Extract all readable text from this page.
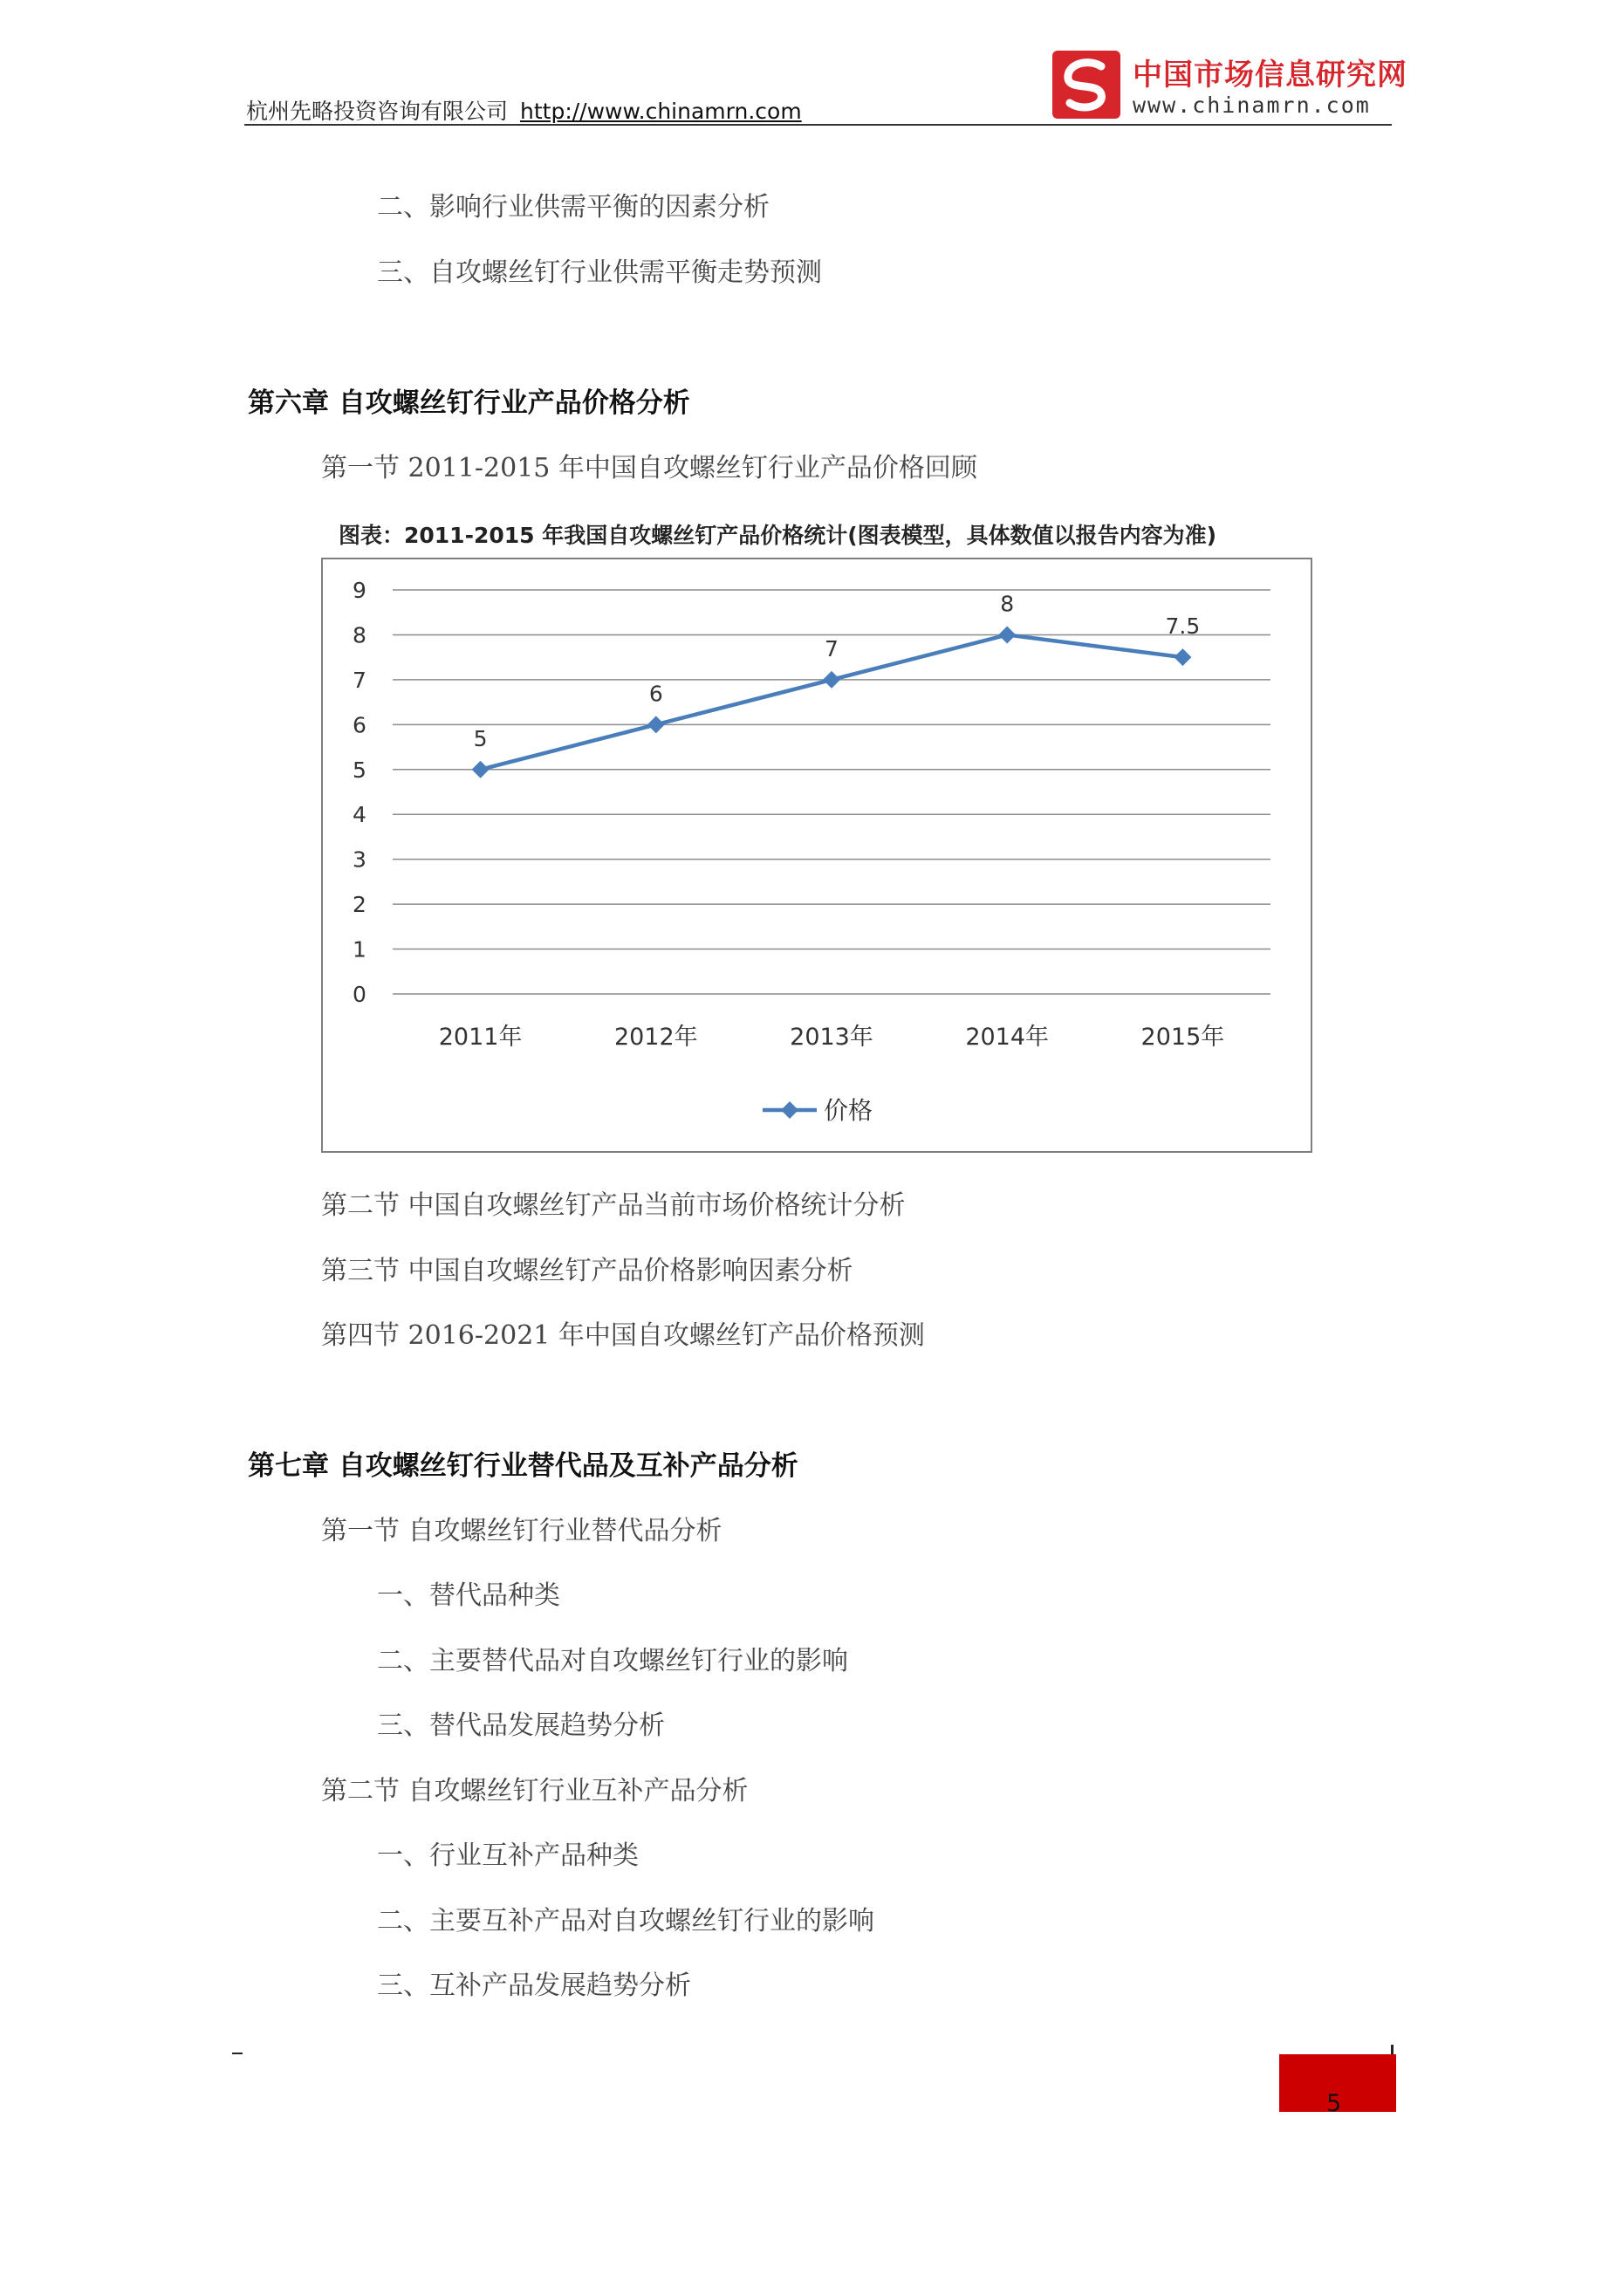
杭州先略投资咨询有限公司 http://www.chinamrn.com
中国市场信息研究网
www.chinamrn.com
二、影响行业供需平衡的因素分析
三、自攻螺丝钉行业供需平衡走势预测
第六章 自攻螺丝钉行业产品价格分析
第一节 2011-2015 年中国自攻螺丝钉行业产品价格回顾
图表：2011-2015 年我国自攻螺丝钉产品价格统计(图表模型，具体数值以报告内容为准)
0
1
2
3
4
5
6
7
8
9
2011年	2012年	2013年	2014年	2015年
5
6
7
8
7.5
价格
第二节 中国自攻螺丝钉产品当前市场价格统计分析
第三节 中国自攻螺丝钉产品价格影响因素分析
第四节 2016-2021 年中国自攻螺丝钉产品价格预测
第七章 自攻螺丝钉行业替代品及互补产品分析
第一节 自攻螺丝钉行业替代品分析
一、替代品种类
二、主要替代品对自攻螺丝钉行业的影响
三、替代品发展趋势分析
第二节 自攻螺丝钉行业互补产品分析
一、行业互补产品种类
二、主要互补产品对自攻螺丝钉行业的影响
三、互补产品发展趋势分析
5
